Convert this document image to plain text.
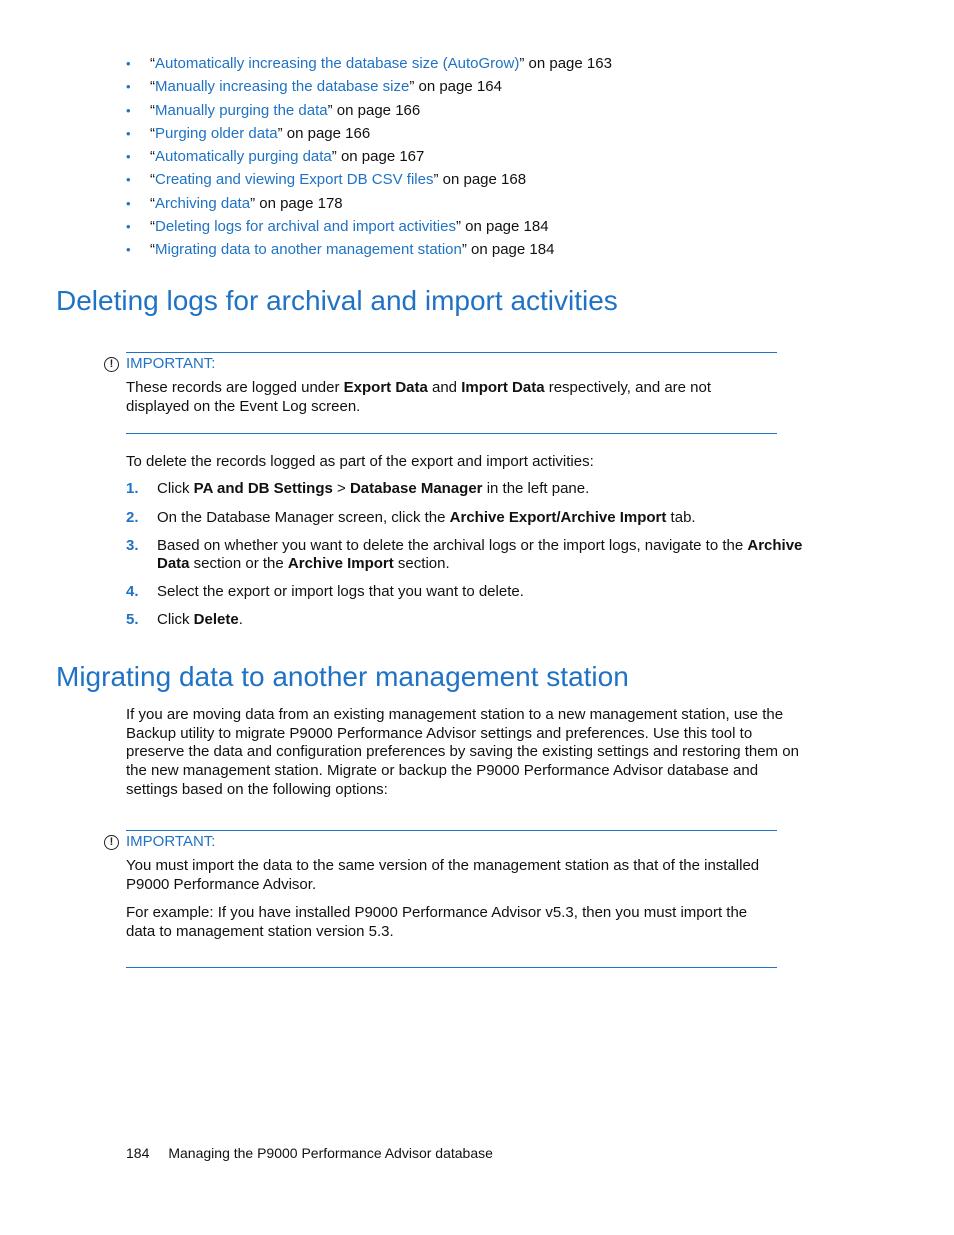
• “Automatically increasing the database size (AutoGrow)” on page 163
• “Manually increasing the database size” on page 164
• “Manually purging the data” on page 166
• “Purging older data” on page 166
• “Automatically purging data” on page 167
• “Creating and viewing Export DB CSV files” on page 168
• “Archiving data” on page 178
• “Deleting logs for archival and import activities” on page 184
• “Migrating data to another management station” on page 184
Deleting logs for archival and import activities
! IMPORTANT:

These records are logged under Export Data and Import Data respectively, and are not displayed on the Event Log screen.

To delete the records logged as part of the export and import activities:

1. Click PA and DB Settings > Database Manager in the left pane.
2. On the Database Manager screen, click the Archive Export/Archive Import tab.
3. Based on whether you want to delete the archival logs or the import logs, navigate to the Archive Data section or the Archive Import section.
4. Select the export or import logs that you want to delete.
5. Click Delete.
Migrating data to another management station

If you are moving data from an existing management station to a new management station, use the Backup utility to migrate P9000 Performance Advisor settings and preferences. Use this tool to preserve the data and configuration preferences by saving the existing settings and restoring them on the new management station. Migrate or backup the P9000 Performance Advisor database and settings based on the following options:

! IMPORTANT:

You must import the data to the same version of the management station as that of the installed P9000 Performance Advisor.

For example: If you have installed P9000 Performance Advisor v5.3, then you must import the data to management station version 5.3.

184 Managing the P9000 Performance Advisor database
